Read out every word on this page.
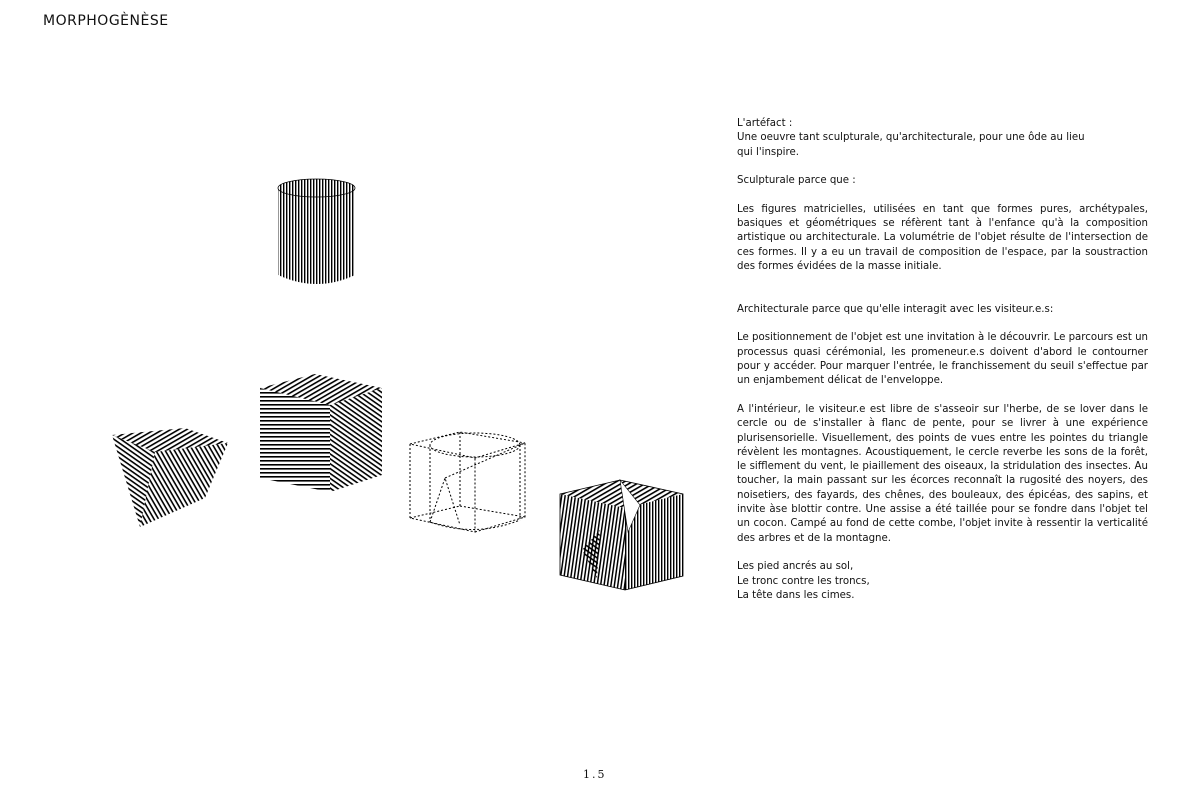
MORPHOGÈNÈSE

L'artéfact :
Une oeuvre tant sculpturale, qu'architecturale, pour une ôde au lieu
qui l'inspire.

Sculpturale parce que :

Les figures matricielles, utilisées en tant que formes pures, archétypales, basiques et géométriques se réfèrent tant à l'enfance qu'à la composition artistique ou architecturale. La volumétrie de l'objet résulte de l'intersection de ces formes. Il y a eu un travail de composition de l'espace, par la soustraction des formes évidées de la masse initiale.

Architecturale parce que qu'elle interagit avec les visiteur.e.s:

Le positionnement de l'objet est une invitation à le découvrir. Le parcours est un processus quasi cérémonial, les promeneur.e.s doivent d'abord le contourner pour y accéder. Pour marquer l'entrée, le franchissement du seuil s'effectue par un enjambement délicat de l'enveloppe.

A l'intérieur, le visiteur.e est libre de s'asseoir sur l'herbe, de se lover dans le cercle ou de s'installer à flanc de pente, pour se livrer à une expérience plurisensorielle. Visuellement, des points de vues entre les pointes du triangle révèlent les montagnes. Acoustiquement, le cercle reverbe les sons de la forêt, le sifflement du vent, le piaillement des oiseaux, la stridulation des insectes. Au toucher, la main passant sur les écorces reconnaît la rugosité des noyers, des noisetiers, des fayards, des chênes, des bouleaux, des épicéas, des sapins, et invite àse blottir contre. Une assise a été taillée pour se fondre dans l'objet tel un cocon. Campé au fond de cette combe, l'objet invite à ressentir la verticalité des arbres et de la montagne.

Les pied ancrés au sol,
Le tronc contre les troncs,
La tête dans les cimes.

1.5
